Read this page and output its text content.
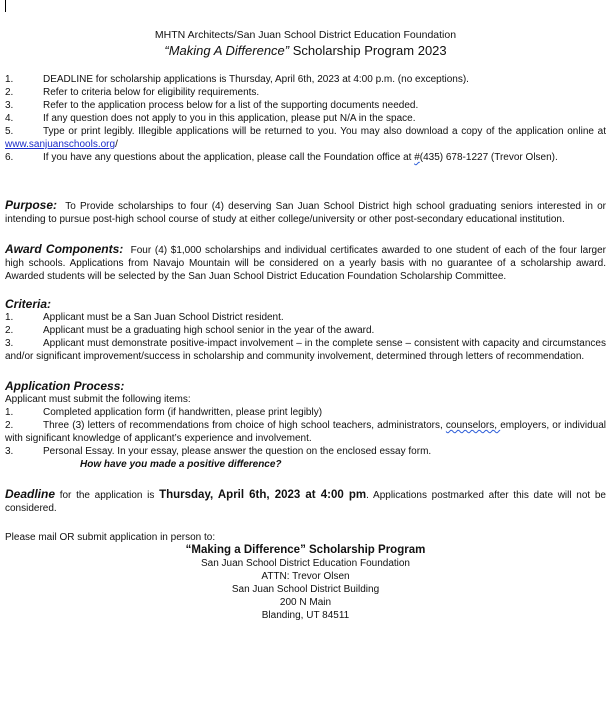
MHTN Architects/San Juan School District Education Foundation
“Making A Difference” Scholarship Program 2023
1.	DEADLINE for scholarship applications is Thursday, April 6th, 2023 at 4:00 p.m. (no exceptions).
2.	Refer to criteria below for eligibility requirements.
3.	Refer to the application process below for a list of the supporting documents needed.
4.	If any question does not apply to you in this application, please put N/A in the space.
5.	Type or print legibly. Illegible applications will be returned to you. You may also download a copy of the application online at www.sanjuanschools.org/
6.	If you have any questions about the application, please call the Foundation office at #(435) 678-1227 (Trevor Olsen).
Purpose: To Provide scholarships to four (4) deserving San Juan School District high school graduating seniors interested in or intending to pursue post-high school course of study at either college/university or other post-secondary educational institution.
Award Components: Four (4) $1,000 scholarships and individual certificates awarded to one student of each of the four larger high schools. Applications from Navajo Mountain will be considered on a yearly basis with no guarantee of a scholarship award. Awarded students will be selected by the San Juan School District Education Foundation Scholarship Committee.
Criteria:
1.	Applicant must be a San Juan School District resident.
2.	Applicant must be a graduating high school senior in the year of the award.
3.	Applicant must demonstrate positive-impact involvement – in the complete sense – consistent with capacity and circumstances and/or significant improvement/success in scholarship and community involvement, determined through letters of recommendation.
Application Process:
Applicant must submit the following items:
1.	Completed application form (if handwritten, please print legibly)
2.	Three (3) letters of recommendations from choice of high school teachers, administrators, counselors, employers, or individual with significant knowledge of applicant’s experience and involvement.
3.	Personal Essay. In your essay, please answer the question on the enclosed essay form.
How have you made a positive difference?
Deadline for the application is Thursday, April 6th, 2023 at 4:00 pm. Applications postmarked after this date will not be considered.
Please mail OR submit application in person to:
“Making a Difference” Scholarship Program
San Juan School District Education Foundation
ATTN: Trevor Olsen
San Juan School District Building
200 N Main
Blanding, UT 84511
